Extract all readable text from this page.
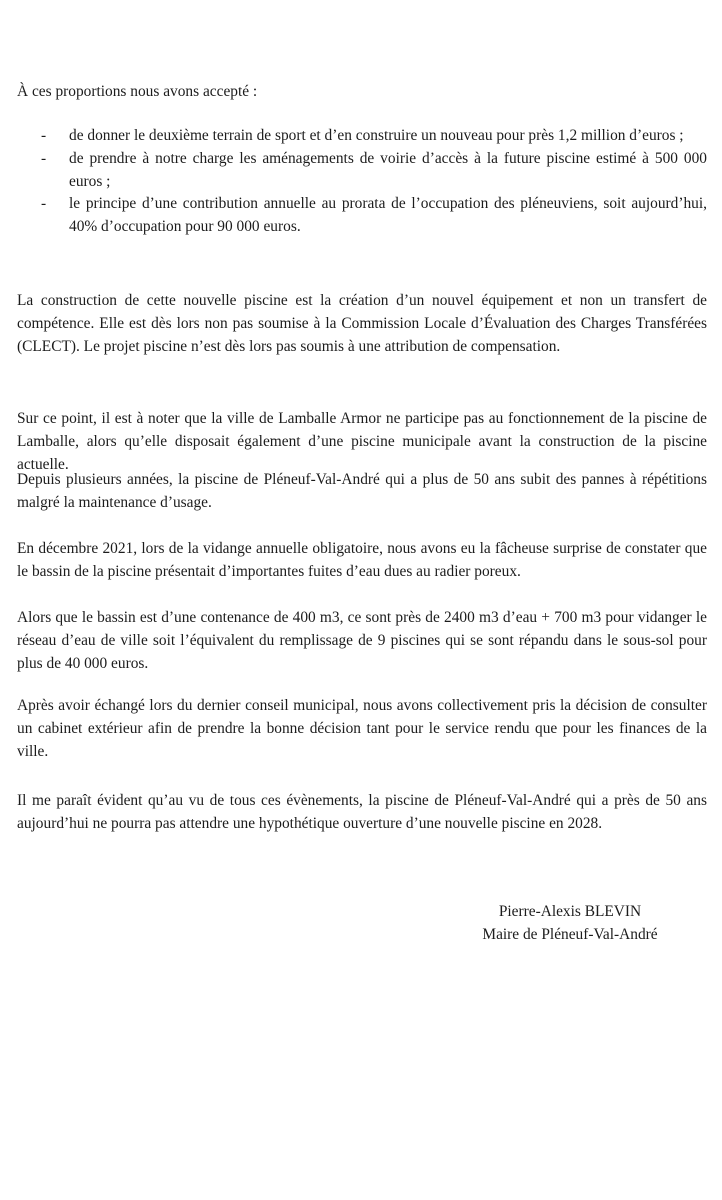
À ces proportions nous avons accepté :

- de donner le deuxième terrain de sport et d’en construire un nouveau pour près 1,2 million d’euros ;
- de prendre à notre charge les aménagements de voirie d’accès à la future piscine estimé à 500 000 euros ;
- le principe d’une contribution annuelle au prorata de l’occupation des pléneuviens, soit aujourd’hui, 40% d’occupation pour 90 000 euros.

La construction de cette nouvelle piscine est la création d’un nouvel équipement et non un transfert de compétence. Elle est dès lors non pas soumise à la Commission Locale d’Évaluation des Charges Transférées (CLECT). Le projet piscine n’est dès lors pas soumis à une attribution de compensation.

Sur ce point, il est à noter que la ville de Lamballe Armor ne participe pas au fonctionnement de la piscine de Lamballe, alors qu’elle disposait également d’une piscine municipale avant la construction de la piscine actuelle.

Depuis plusieurs années, la piscine de Pléneuf-Val-André qui a plus de 50 ans subit des pannes à répétitions malgré la maintenance d’usage.

En décembre 2021, lors de la vidange annuelle obligatoire, nous avons eu la fâcheuse surprise de constater que le bassin de la piscine présentait d’importantes fuites d’eau dues au radier poreux.

Alors que le bassin est d’une contenance de 400 m3, ce sont près de 2400 m3 d’eau + 700 m3 pour vidanger le réseau d’eau de ville soit l’équivalent du remplissage de 9 piscines qui se sont répandu dans le sous-sol pour plus de 40 000 euros.

Après avoir échangé lors du dernier conseil municipal, nous avons collectivement pris la décision de consulter un cabinet extérieur afin de prendre la bonne décision tant pour le service rendu que pour les finances de la ville.

Il me paraît évident qu’au vu de tous ces évènements, la piscine de Pléneuf-Val-André qui a près de 50 ans aujourd’hui ne pourra pas attendre une hypothétique ouverture d’une nouvelle piscine en 2028.

Pierre-Alexis BLEVIN
Maire de Pléneuf-Val-André
